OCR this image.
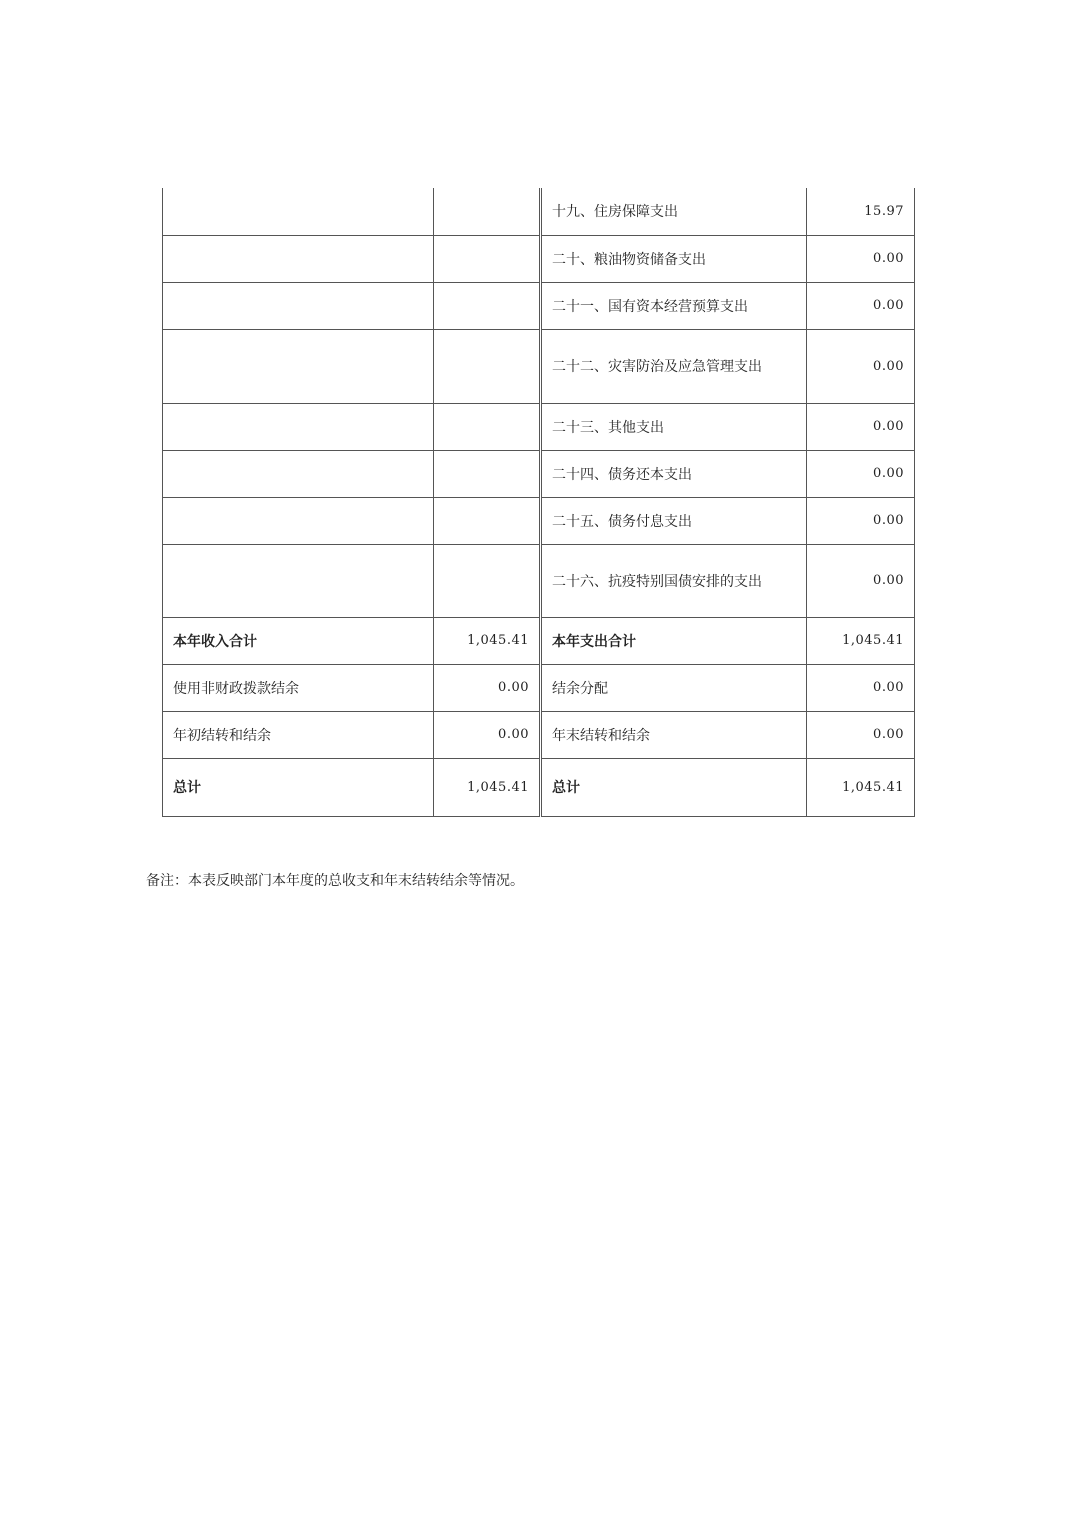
		十九、住房保障支出	15.97
		二十、粮油物资储备支出	0.00
		二十一、国有资本经营预算支出	0.00
		二十二、灾害防治及应急管理支出	0.00
		二十三、其他支出	0.00
		二十四、债务还本支出	0.00
		二十五、债务付息支出	0.00
		二十六、抗疫特别国债安排的支出	0.00
本年收入合计	1,045.41	本年支出合计	1,045.41
使用非财政拨款结余	0.00	结余分配	0.00
年初结转和结余	0.00	年末结转和结余	0.00
总计	1,045.41	总计	1,045.41
备注：本表反映部门本年度的总收支和年末结转结余等情况。
